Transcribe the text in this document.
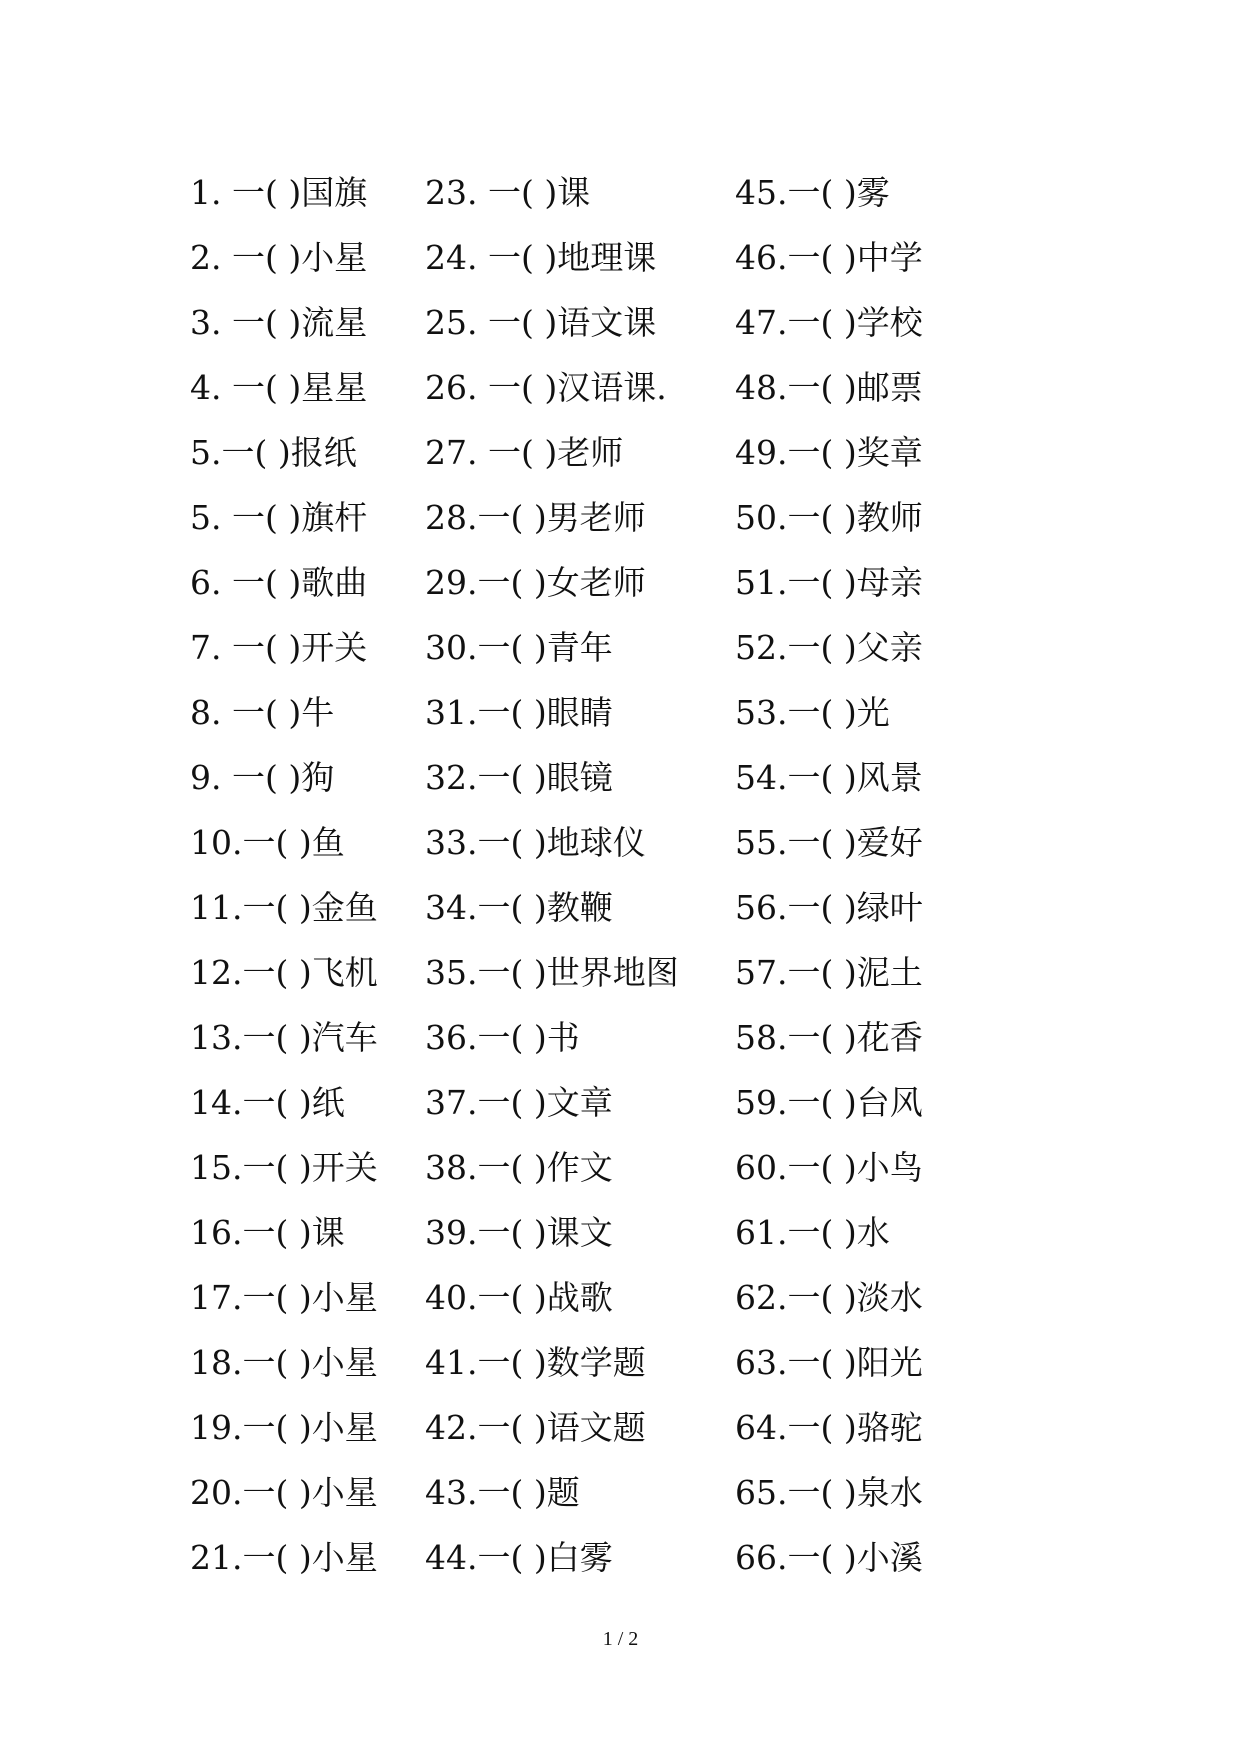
1. 一( )国旗
2. 一( )小星
3. 一( )流星
4. 一( )星星
5.一( )报纸
5. 一( )旗杆
6. 一( )歌曲
7. 一( )开关
8. 一( )牛
9. 一( )狗
10.一( )鱼
11.一( )金鱼
12.一( )飞机
13.一( )汽车
14.一( )纸
15.一( )开关
16.一( )课
17.一( )小星
18.一( )小星
19.一( )小星
20.一( )小星
21.一( )小星
23. 一( )课
24. 一( )地理课
25. 一( )语文课
26. 一( )汉语课.
27. 一( )老师
28.一( )男老师
29.一( )女老师
30.一( )青年
31.一( )眼睛
32.一( )眼镜
33.一( )地球仪
34.一( )教鞭
35.一( )世界地图
36.一( )书
37.一( )文章
38.一( )作文
39.一( )课文
40.一( )战歌
41.一( )数学题
42.一( )语文题
43.一( )题
44.一( )白雾
45.一( )雾
46.一( )中学
47.一( )学校
48.一( )邮票
49.一( )奖章
50.一( )教师
51.一( )母亲
52.一( )父亲
53.一( )光
54.一( )风景
55.一( )爱好
56.一( )绿叶
57.一( )泥土
58.一( )花香
59.一( )台风
60.一( )小鸟
61.一( )水
62.一( )淡水
63.一( )阳光
64.一( )骆驼
65.一( )泉水
66.一( )小溪
1 / 2
